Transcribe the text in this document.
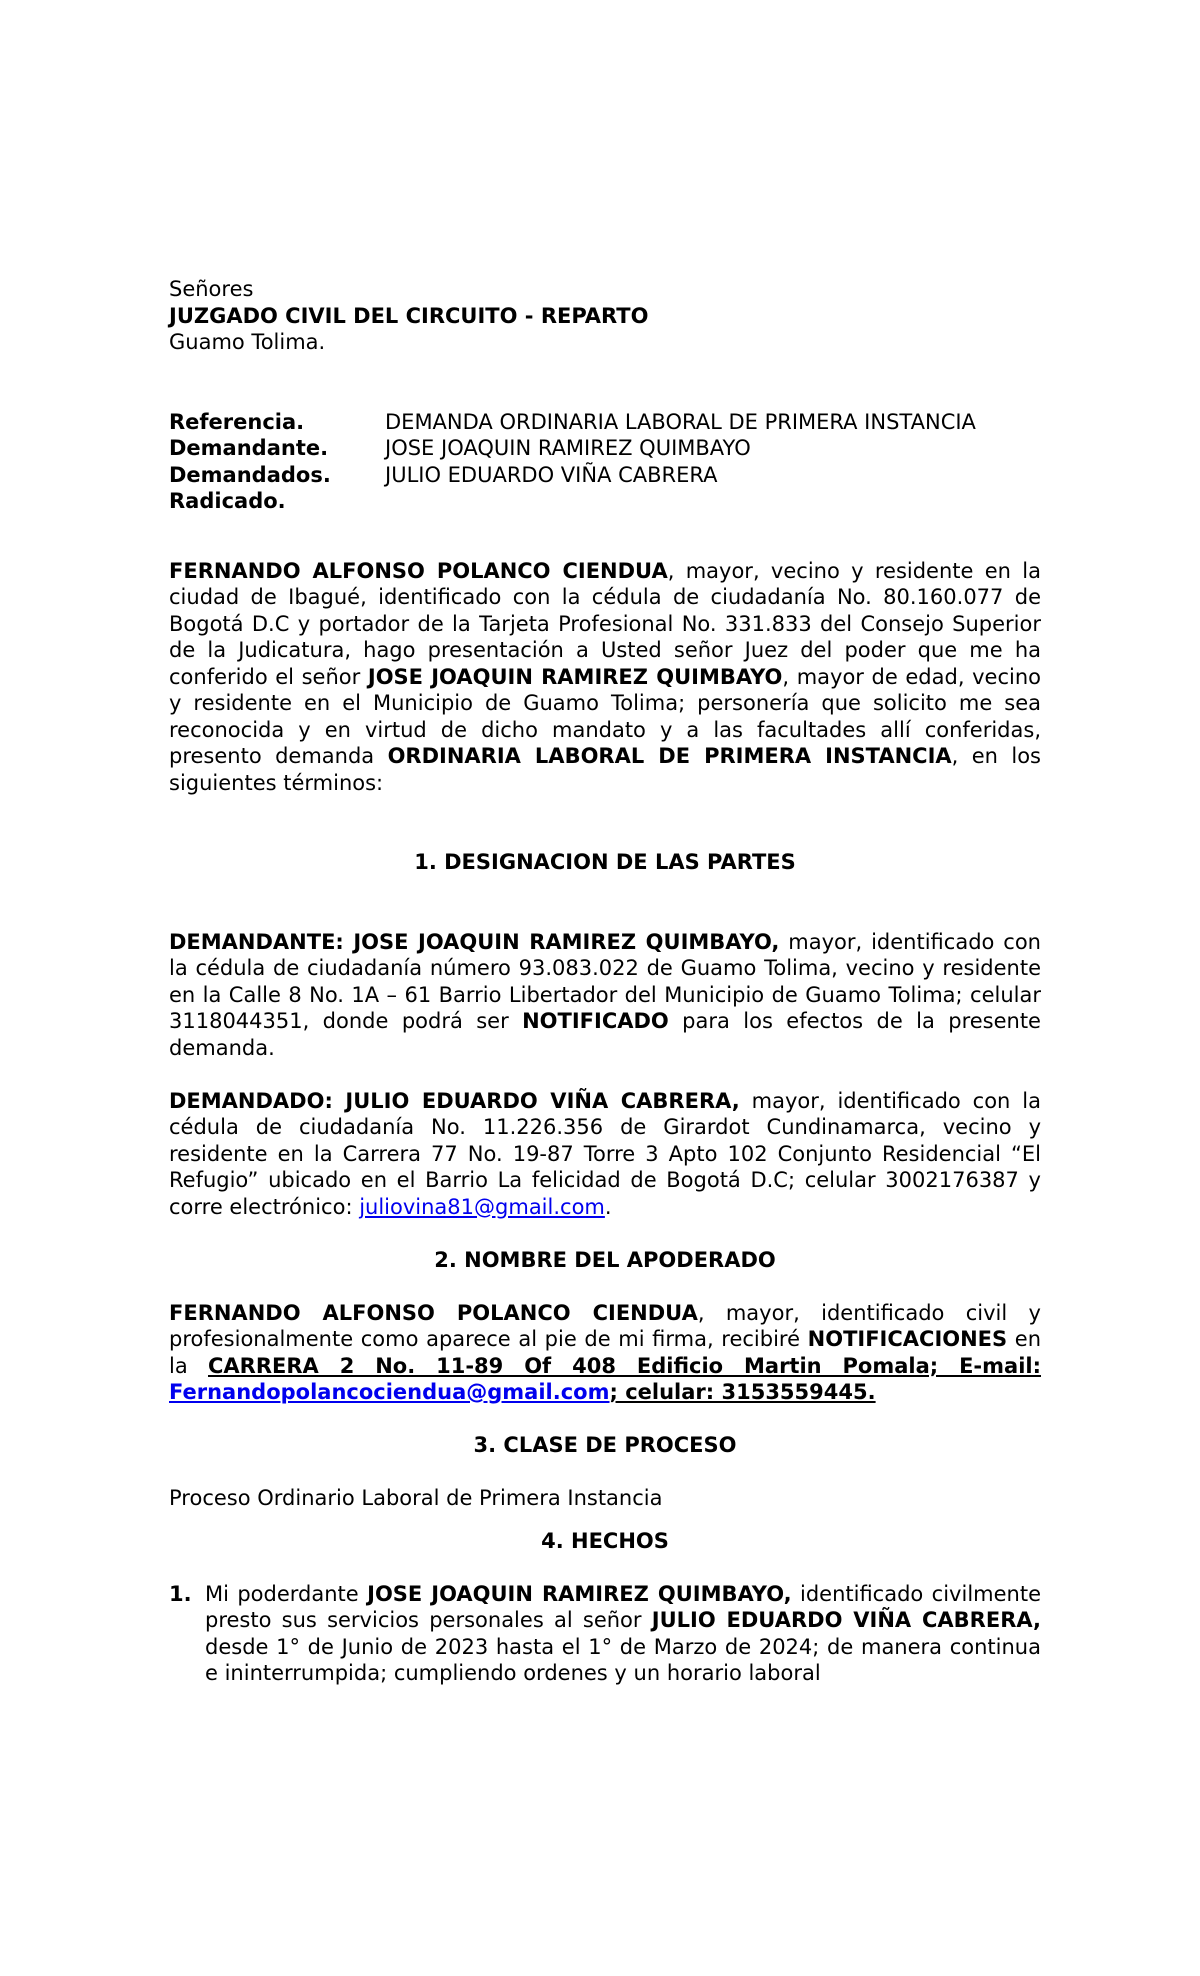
Señores

JUZGADO CIVIL DEL CIRCUITO - REPARTO

Guamo Tolima.

Referencia.	DEMANDA ORDINARIA LABORAL DE PRIMERA INSTANCIA
Demandante.	JOSE JOAQUIN RAMIREZ QUIMBAYO
Demandados.	JULIO EDUARDO VIÑA CABRERA
Radicado.

FERNANDO ALFONSO POLANCO CIENDUA, mayor, vecino y residente en la ciudad de Ibagué, identificado con la cédula de ciudadanía No. 80.160.077 de Bogotá D.C y portador de la Tarjeta Profesional No. 331.833 del Consejo Superior de la Judicatura, hago presentación a Usted señor Juez del poder que me ha conferido el señor JOSE JOAQUIN RAMIREZ QUIMBAYO, mayor de edad, vecino y residente en el Municipio de Guamo Tolima; personería que solicito me sea reconocida y en virtud de dicho mandato y a las facultades allí conferidas, presento demanda ORDINARIA LABORAL DE PRIMERA INSTANCIA, en los siguientes términos:

1. DESIGNACION DE LAS PARTES

DEMANDANTE: JOSE JOAQUIN RAMIREZ QUIMBAYO, mayor, identificado con la cédula de ciudadanía número 93.083.022 de Guamo Tolima, vecino y residente en la Calle 8 No. 1A – 61 Barrio Libertador del Municipio de Guamo Tolima; celular 3118044351, donde podrá ser NOTIFICADO para los efectos de la presente demanda.

DEMANDADO: JULIO EDUARDO VIÑA CABRERA, mayor, identificado con la cédula de ciudadanía No. 11.226.356 de Girardot Cundinamarca, vecino y residente en la Carrera 77 No. 19-87 Torre 3 Apto 102 Conjunto Residencial “El Refugio” ubicado en el Barrio La felicidad de Bogotá D.C; celular 3002176387 y corre electrónico: juliovina81@gmail.com.

2. NOMBRE DEL APODERADO

FERNANDO ALFONSO POLANCO CIENDUA, mayor, identificado civil y profesionalmente como aparece al pie de mi firma, recibiré NOTIFICACIONES en la CARRERA 2 No. 11-89 Of 408 Edificio Martin Pomala; E-mail: Fernandopolancociendua@gmail.com; celular: 3153559445.

3. CLASE DE PROCESO

Proceso Ordinario Laboral de Primera Instancia

4. HECHOS

1. Mi poderdante JOSE JOAQUIN RAMIREZ QUIMBAYO, identificado civilmente presto sus servicios personales al señor JULIO EDUARDO VIÑA CABRERA, desde 1° de Junio de 2023 hasta el 1° de Marzo de 2024; de manera continua e ininterrumpida; cumpliendo ordenes y un horario laboral
